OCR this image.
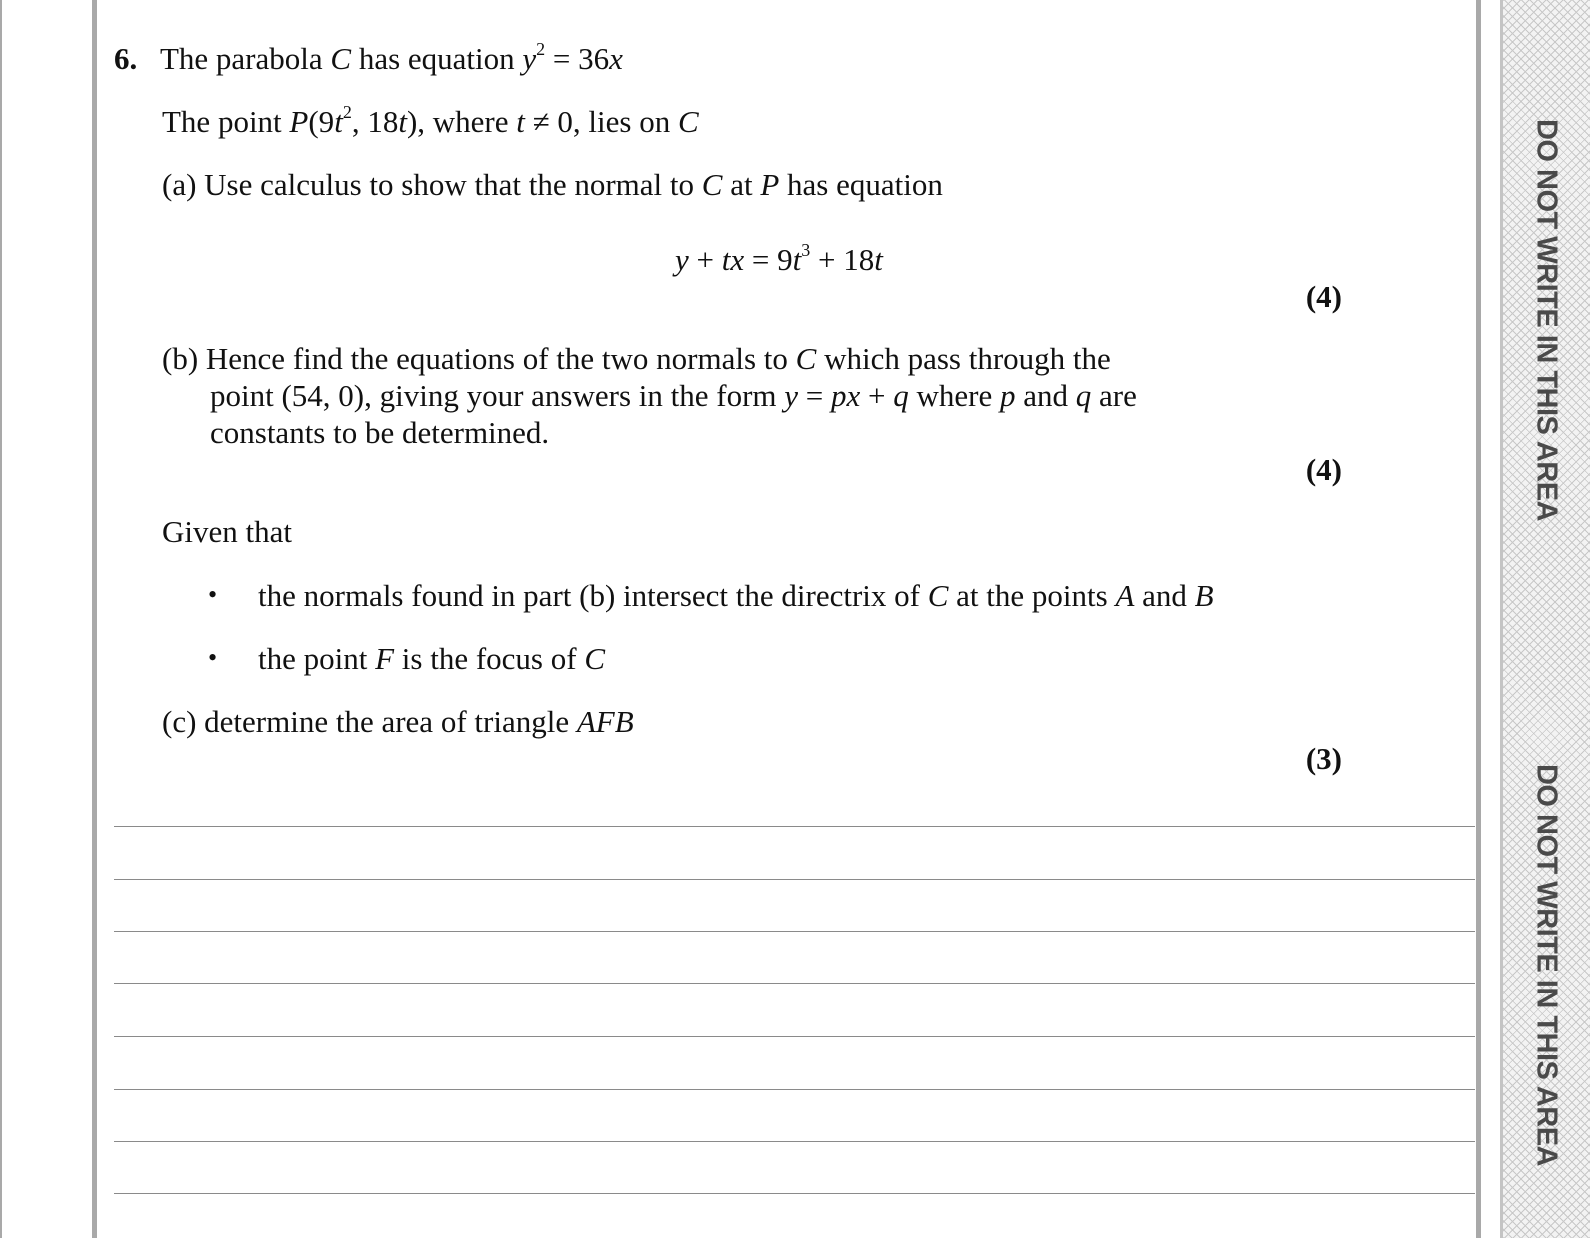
DO NOT WRITE IN THIS AREA
DO NOT WRITE IN THIS AREA
6. The parabola C has equation $y^2 = 36x$
The point $P(9t^2$, 18t), where t ≠ 0, lies on C
(a) Use calculus to show that the normal to C at P has equation
y + tx = $9t^3 + 18t$
(4)
(b) Hence find the equations of the two normals to C which pass through the
point (54, 0), giving your answers in the form y = px + q where p and q are
constants to be determined.
(4)
Given that
• the normals found in part (b) intersect the directrix of C at the points A and B
• the point F is the focus of C
(c) determine the area of triangle AFB
(3)
